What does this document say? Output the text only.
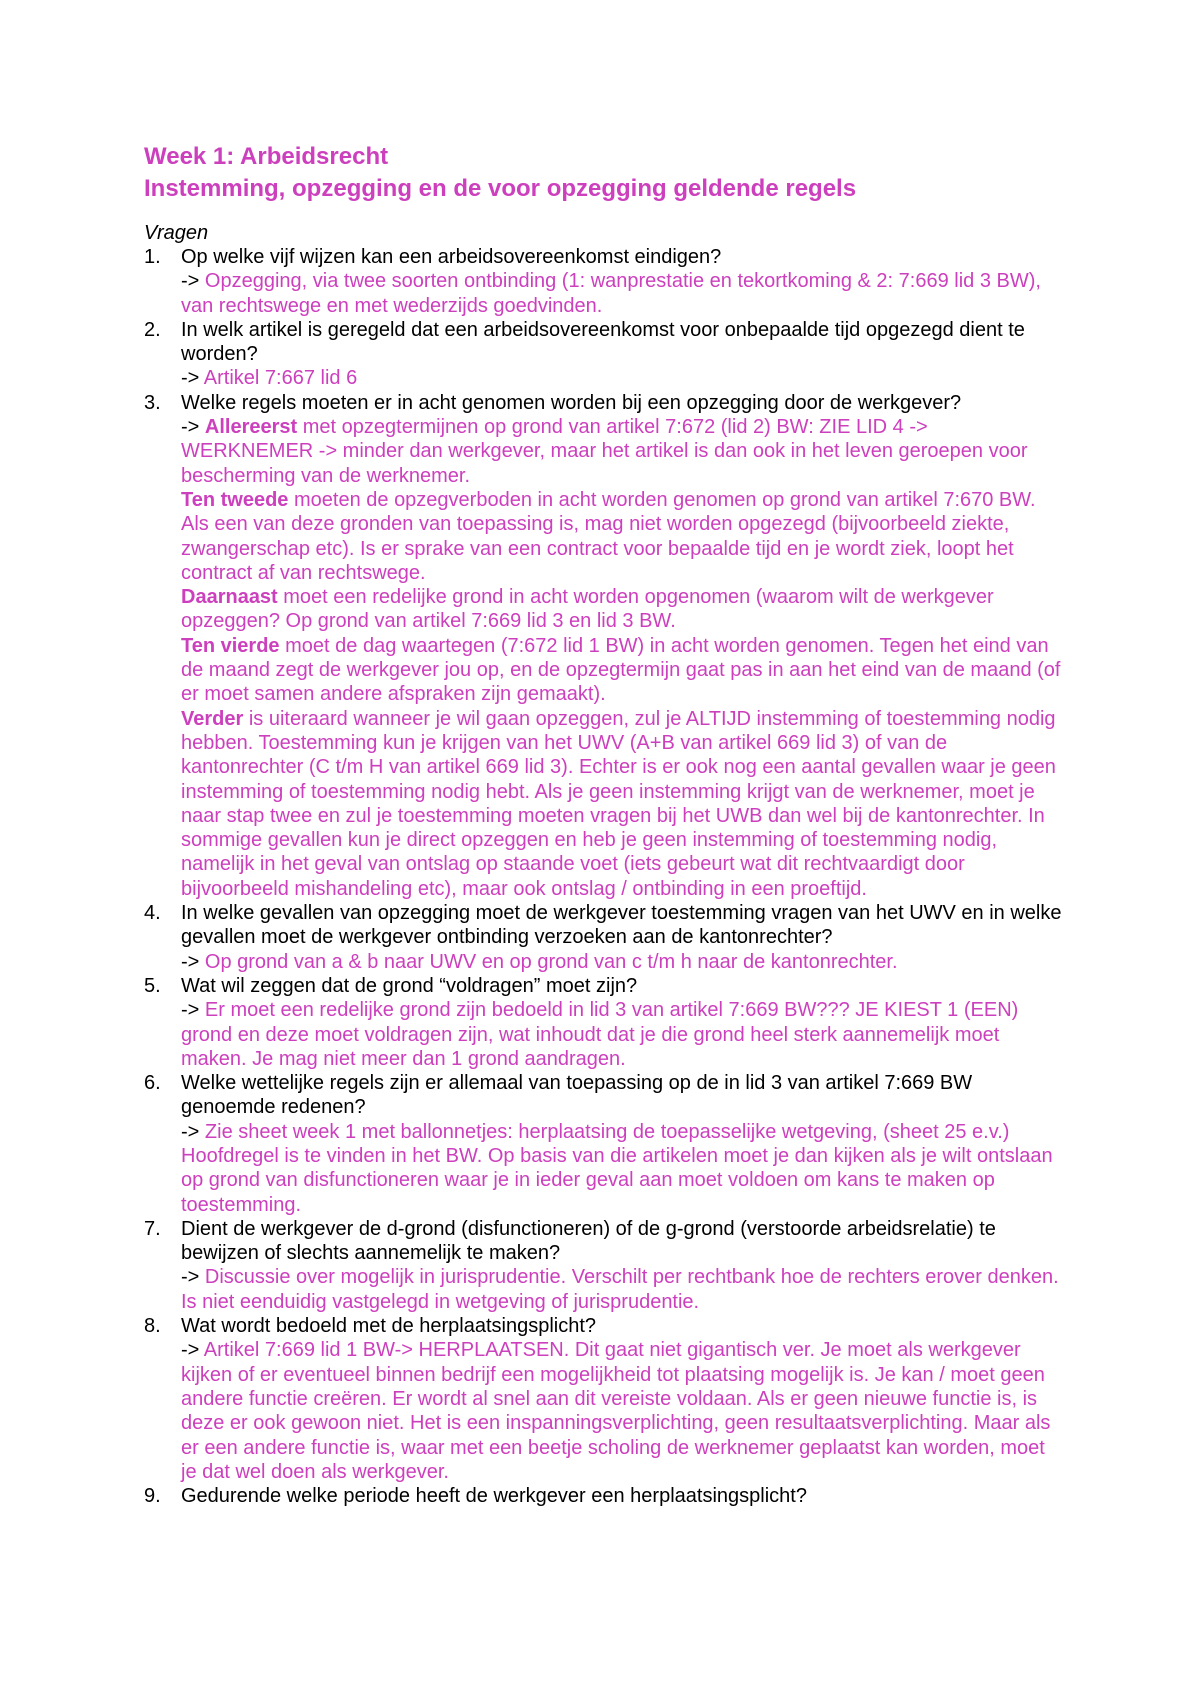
Week 1: Arbeidsrecht
Instemming, opzegging en de voor opzegging geldende regels
Vragen
1. Op welke vijf wijzen kan een arbeidsovereenkomst eindigen?
-> Opzegging, via twee soorten ontbinding (1: wanprestatie en tekortkoming & 2: 7:669 lid 3 BW), van rechtswege en met wederzijds goedvinden.
2. In welk artikel is geregeld dat een arbeidsovereenkomst voor onbepaalde tijd opgezegd dient te worden?
-> Artikel 7:667 lid 6
3. Welke regels moeten er in acht genomen worden bij een opzegging door de werkgever?
-> Allereerst met opzegtermijnen op grond van artikel 7:672 (lid 2) BW: ZIE LID 4 -> WERKNEMER -> minder dan werkgever, maar het artikel is dan ook in het leven geroepen voor bescherming van de werknemer.
Ten tweede moeten de opzegverboden in acht worden genomen op grond van artikel 7:670 BW. Als een van deze gronden van toepassing is, mag niet worden opgezegd (bijvoorbeeld ziekte, zwangerschap etc). Is er sprake van een contract voor bepaalde tijd en je wordt ziek, loopt het contract af van rechtswege.
Daarnaast moet een redelijke grond in acht worden opgenomen (waarom wilt de werkgever opzeggen? Op grond van artikel 7:669 lid 3 en lid 3 BW.
Ten vierde moet de dag waartegen (7:672 lid 1 BW) in acht worden genomen. Tegen het eind van de maand zegt de werkgever jou op, en de opzegtermijn gaat pas in aan het eind van de maand (of er moet samen andere afspraken zijn gemaakt).
Verder is uiteraard wanneer je wil gaan opzeggen, zul je ALTIJD instemming of toestemming nodig hebben. Toestemming kun je krijgen van het UWV (A+B van artikel 669 lid 3) of van de kantonrechter (C t/m H van artikel 669 lid 3). Echter is er ook nog een aantal gevallen waar je geen instemming of toestemming nodig hebt. Als je geen instemming krijgt van de werknemer, moet je naar stap twee en zul je toestemming moeten vragen bij het UWB dan wel bij de kantonrechter. In sommige gevallen kun je direct opzeggen en heb je geen instemming of toestemming nodig, namelijk in het geval van ontslag op staande voet (iets gebeurt wat dit rechtvaardigt door bijvoorbeeld mishandeling etc), maar ook ontslag / ontbinding in een proeftijd.
4. In welke gevallen van opzegging moet de werkgever toestemming vragen van het UWV en in welke gevallen moet de werkgever ontbinding verzoeken aan de kantonrechter?
-> Op grond van a & b naar UWV en op grond van c t/m h naar de kantonrechter.
5. Wat wil zeggen dat de grond “voldragen” moet zijn?
-> Er moet een redelijke grond zijn bedoeld in lid 3 van artikel 7:669 BW??? JE KIEST 1 (EEN) grond en deze moet voldragen zijn, wat inhoudt dat je die grond heel sterk aannemelijk moet maken. Je mag niet meer dan 1 grond aandragen.
6. Welke wettelijke regels zijn er allemaal van toepassing op de in lid 3 van artikel 7:669 BW genoemde redenen?
-> Zie sheet week 1 met ballonnetjes: herplaatsing de toepasselijke wetgeving, (sheet 25 e.v.) Hoofdregel is te vinden in het BW. Op basis van die artikelen moet je dan kijken als je wilt ontslaan op grond van disfunctioneren waar je in ieder geval aan moet voldoen om kans te maken op toestemming.
7. Dient de werkgever de d-grond (disfunctioneren) of de g-grond (verstoorde arbeidsrelatie) te bewijzen of slechts aannemelijk te maken?
-> Discussie over mogelijk in jurisprudentie. Verschilt per rechtbank hoe de rechters erover denken. Is niet eenduidig vastgelegd in wetgeving of jurisprudentie.
8. Wat wordt bedoeld met de herplaatsingsplicht?
-> Artikel 7:669 lid 1 BW-> HERPLAATSEN. Dit gaat niet gigantisch ver. Je moet als werkgever kijken of er eventueel binnen bedrijf een mogelijkheid tot plaatsing mogelijk is. Je kan / moet geen andere functie creëren. Er wordt al snel aan dit vereiste voldaan. Als er geen nieuwe functie is, is deze er ook gewoon niet. Het is een inspanningsverplichting, geen resultaatsverplichting. Maar als er een andere functie is, waar met een beetje scholing de werknemer geplaatst kan worden, moet je dat wel doen als werkgever.
9. Gedurende welke periode heeft de werkgever een herplaatsingsplicht?
